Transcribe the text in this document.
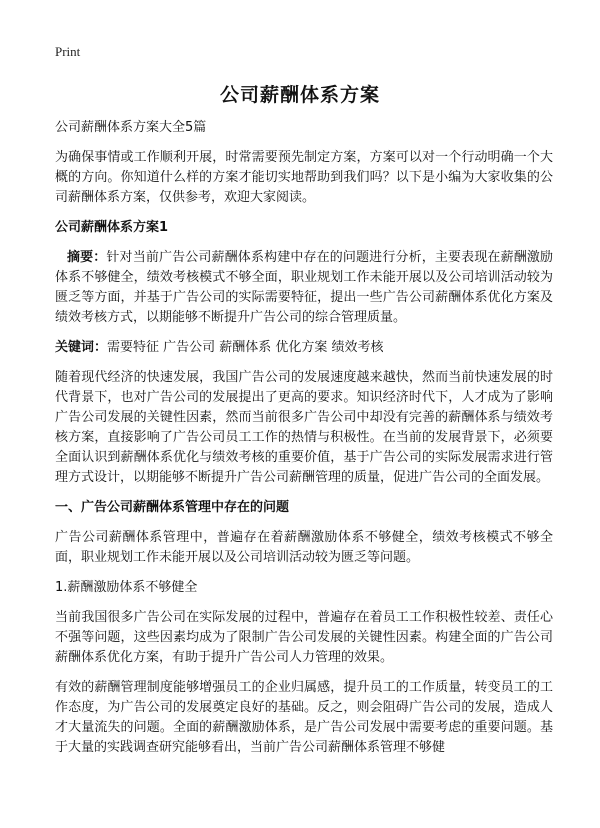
Print
公司薪酬体系方案

公司薪酬体系方案大全5篇

为确保事情或工作顺利开展，时常需要预先制定方案，方案可以对一个行动明确一个大概的方向。你知道什么样的方案才能切实地帮助到我们吗？以下是小编为大家收集的公司薪酬体系方案，仅供参考，欢迎大家阅读。

公司薪酬体系方案1

摘要：针对当前广告公司薪酬体系构建中存在的问题进行分析，主要表现在薪酬激励体系不够健全，绩效考核模式不够全面，职业规划工作未能开展以及公司培训活动较为匮乏等方面，并基于广告公司的实际需要特征，提出一些广告公司薪酬体系优化方案及绩效考核方式，以期能够不断提升广告公司的综合管理质量。

关键词：需要特征 广告公司 薪酬体系 优化方案 绩效考核

随着现代经济的快速发展，我国广告公司的发展速度越来越快，然而当前快速发展的时代背景下，也对广告公司的发展提出了更高的要求。知识经济时代下，人才成为了影响广告公司发展的关键性因素，然而当前很多广告公司中却没有完善的薪酬体系与绩效考核方案，直接影响了广告公司员工工作的热情与积极性。在当前的发展背景下，必须要全面认识到薪酬体系优化与绩效考核的重要价值，基于广告公司的实际发展需求进行管理方式设计，以期能够不断提升广告公司薪酬管理的质量，促进广告公司的全面发展。

一、广告公司薪酬体系管理中存在的问题

广告公司薪酬体系管理中，普遍存在着薪酬激励体系不够健全，绩效考核模式不够全面，职业规划工作未能开展以及公司培训活动较为匮乏等问题。

1.薪酬激励体系不够健全

当前我国很多广告公司在实际发展的过程中，普遍存在着员工工作积极性较差、责任心不强等问题，这些因素均成为了限制广告公司发展的关键性因素。构建全面的广告公司薪酬体系优化方案，有助于提升广告公司人力管理的效果。

有效的薪酬管理制度能够增强员工的企业归属感，提升员工的工作质量，转变员工的工作态度，为广告公司的发展奠定良好的基础。反之，则会阻碍广告公司的发展，造成人才大量流失的问题。全面的薪酬激励体系，是广告公司发展中需要考虑的重要问题。基于大量的实践调查研究能够看出，当前广告公司薪酬体系管理不够健
